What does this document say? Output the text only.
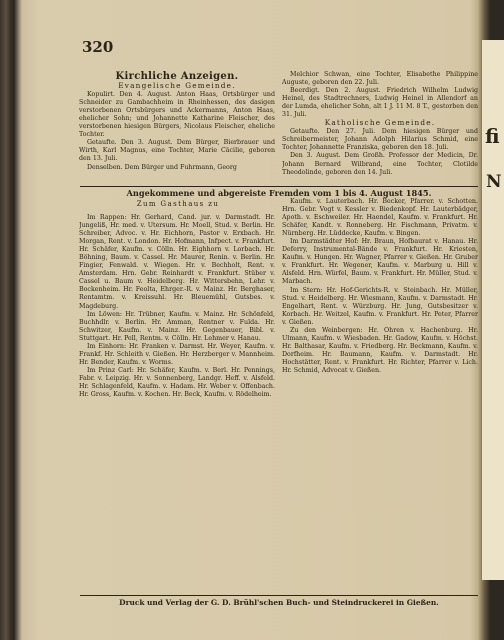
320
Kirchliche Anzeigen.
Evangelische Gemeinde.

Kopulirt. Den 4. August. Anton Haas, Ortsbürger und Schneider zu Gambachheim in Rheinhessen, des dasigen verstorbenen Ortsbürgers und Ackermanns, Anton Haas, ehelicher Sohn; und Johannette Katharine Fleischer, des verstorbenen hiesigen Bürgers, Nicolaus Fleischer, eheliche Tochter.

Getaufte. Den 3. August. Dem Bürger, Bierbrauer und Wirth, Karl Magnus, eine Tochter, Marie Cäcilie, geboren den 13. Juli.

Denselben. Dem Bürger und Fuhrmann, Georg

Melchior Schwan, eine Tochter, Elisabethe Philippine Auguste, geboren den 22. Juli.

Beerdigt. Den 2. August. Friedrich Wilhelm Ludwig Heinel, des Stadtrechners, Ludwig Heinel in Allendorf an der Lumda, ehelicher Sohn, alt 1 J. 11 M. 8 T., gestorben den 31. Juli.

Katholische Gemeinde.

Getaufte. Den 27. Juli. Dem hiesigen Bürger und Schreibermeister, Johann Adolph Hilarius Schmid, eine Tochter, Johannette Franziska, geboren den 18. Juli.

Den 3. August. Dem Großh. Professor der Medicin, Dr. Johann Bernard Wilbrand, eine Tochter, Clotilde Theodolinde, geboren den 14. Juli.

Angekommene und abgereiste Fremden vom 1 bis 4. August 1845.
Zum Gasthaus zu

Im Rappen: Hr. Gerhard, Cand. jur. v. Darmstadt. Hr. Jungeliß, Hr. med. v. Utersum. Hr. Moell, Stud. v. Berlin. Hr. Schreiber, Advoc. v. Hr. Eichhorn, Pastor v. Erxbach. Hr. Morgan, Rent. v. London. Hr. Hofmann, Infpect. v. Frankfurt. Hr. Schäfer, Kaufm. v. Cölln. Hr. Eighhorn v. Lorbach. Hr. Böhning, Baum. v. Cassel. Hr. Maurer, Renin. v. Berlin. Hr. Fingier, Fenwald. v. Wiegen. Hr. v. Bechholt, Rent. v. Amsterdam. Hrn. Gebr. Reinhardt v. Frankfurt. Stüber v. Cassel u. Baum v. Heidelberg. Hr. Wittersbehn, Lehr. v. Bockenheim. Hr. Feolta, Ehrger.-R. v. Mainz. Hr. Berghaser, Rentamtm. v. Kreissuhl. Hr. Bleuemühl, Gutsbes. v. Magdeburg.

Im Löwen: Hr. Trübner, Kaufm. v. Mainz. Hr. Schönfeld, Buchhdlr. v. Berlin. Hr. Amman, Rentner v. Fulda. Hr. Schwitzer, Kaufm. v. Mainz. Hr. Gegenbauer, Bibl. v. Stuttgart. Hr. Pell, Rentm. v. Cölln. Hr. Lehmer v. Hanau.

Im Einhorn: Hr. Franken v. Darmst. Hr. Weyer, Kaufm. v. Frankf. Hr. Schleith v. Gießen. Hr. Herzberger v. Mannheim. Hr. Bender, Kaufm. v. Worms.

Im Prinz Carl: Hr. Schäfer, Kaufm. v. Berl. Hr. Pennings, Fabr. v. Leipzig. Hr. v. Sonnenberg, Landgr. Heff. v. Alsfeld. Hr. Schlagenfeld, Kaufm. v. Hadam. Hr. Weber v. Offenbach. Hr. Gross, Kaufm. v. Kochen. Hr. Beck, Kaufm. v. Rödelheim.

Kaufm. v. Lauterbach. Hr. Becker, Pfarrer. v. Schotten. Hrn. Gebr. Vogt v. Kessler v. Biedenkopf. Hr. Lauterbädger, Apoth. v. Eschweiler. Hr. Haendel, Kaufm. v. Frankfurt. Hr. Schäfer, Kandt. v. Ronneberg. Hr. Fischmann, Privatm. v. Nürnberg. Hr. Lüddecke, Kaufm. v. Bingen.

Im Darmstädter Hof: Hr. Braun, Hofbaurat v. Hanau. Hr. Deferry, Instrumental-Bände v. Frankfurt. Hr. Kriesten, Kaufm. v. Hungen. Hr. Wagner, Pfarrer v. Gießen. Hr. Gruber v. Frankfurt. Hr. Wegener, Kaufm. v. Marburg u. Hill v. Alsfeld. Hrn. Würfel, Baum. v. Frankfurt. Hr. Müller, Stud. v. Marbach.

Im Stern: Hr. Hof-Gerichts-R. v. Steinbach. Hr. Müller, Stud. v. Heidelberg. Hr. Wiesmann, Kaufm. v. Darmstadt. Hr. Engelhart, Rent. v. Würzburg. Hr. Jung, Gutsbesitzer v. Korbach. Hr. Weitzel, Kaufm. v. Frankfurt. Hr. Peter, Pfarrer v. Gießen.

Zu den Weinbergen: Hr. Ohren v. Hachenburg. Hr. Ulmann, Kaufm. v. Wiesbaden. Hr. Gadow, Kaufm. v. Höchst. Hr. Balthasar, Kaufm. v. Friedberg. Hr. Beckmann, Kaufm. v. Dorfheim. Hr. Baumann, Kaufm. v. Darmstadt. Hr. Hochstätter, Rent. v. Frankfurt. Hr. Richter, Pfarrer v. Lich. Hr. Schmid, Advocat v. Gießen.

Druck und Verlag der G. D. Brühl'schen Buch- und Steindruckerei in Gießen.
fi
N
